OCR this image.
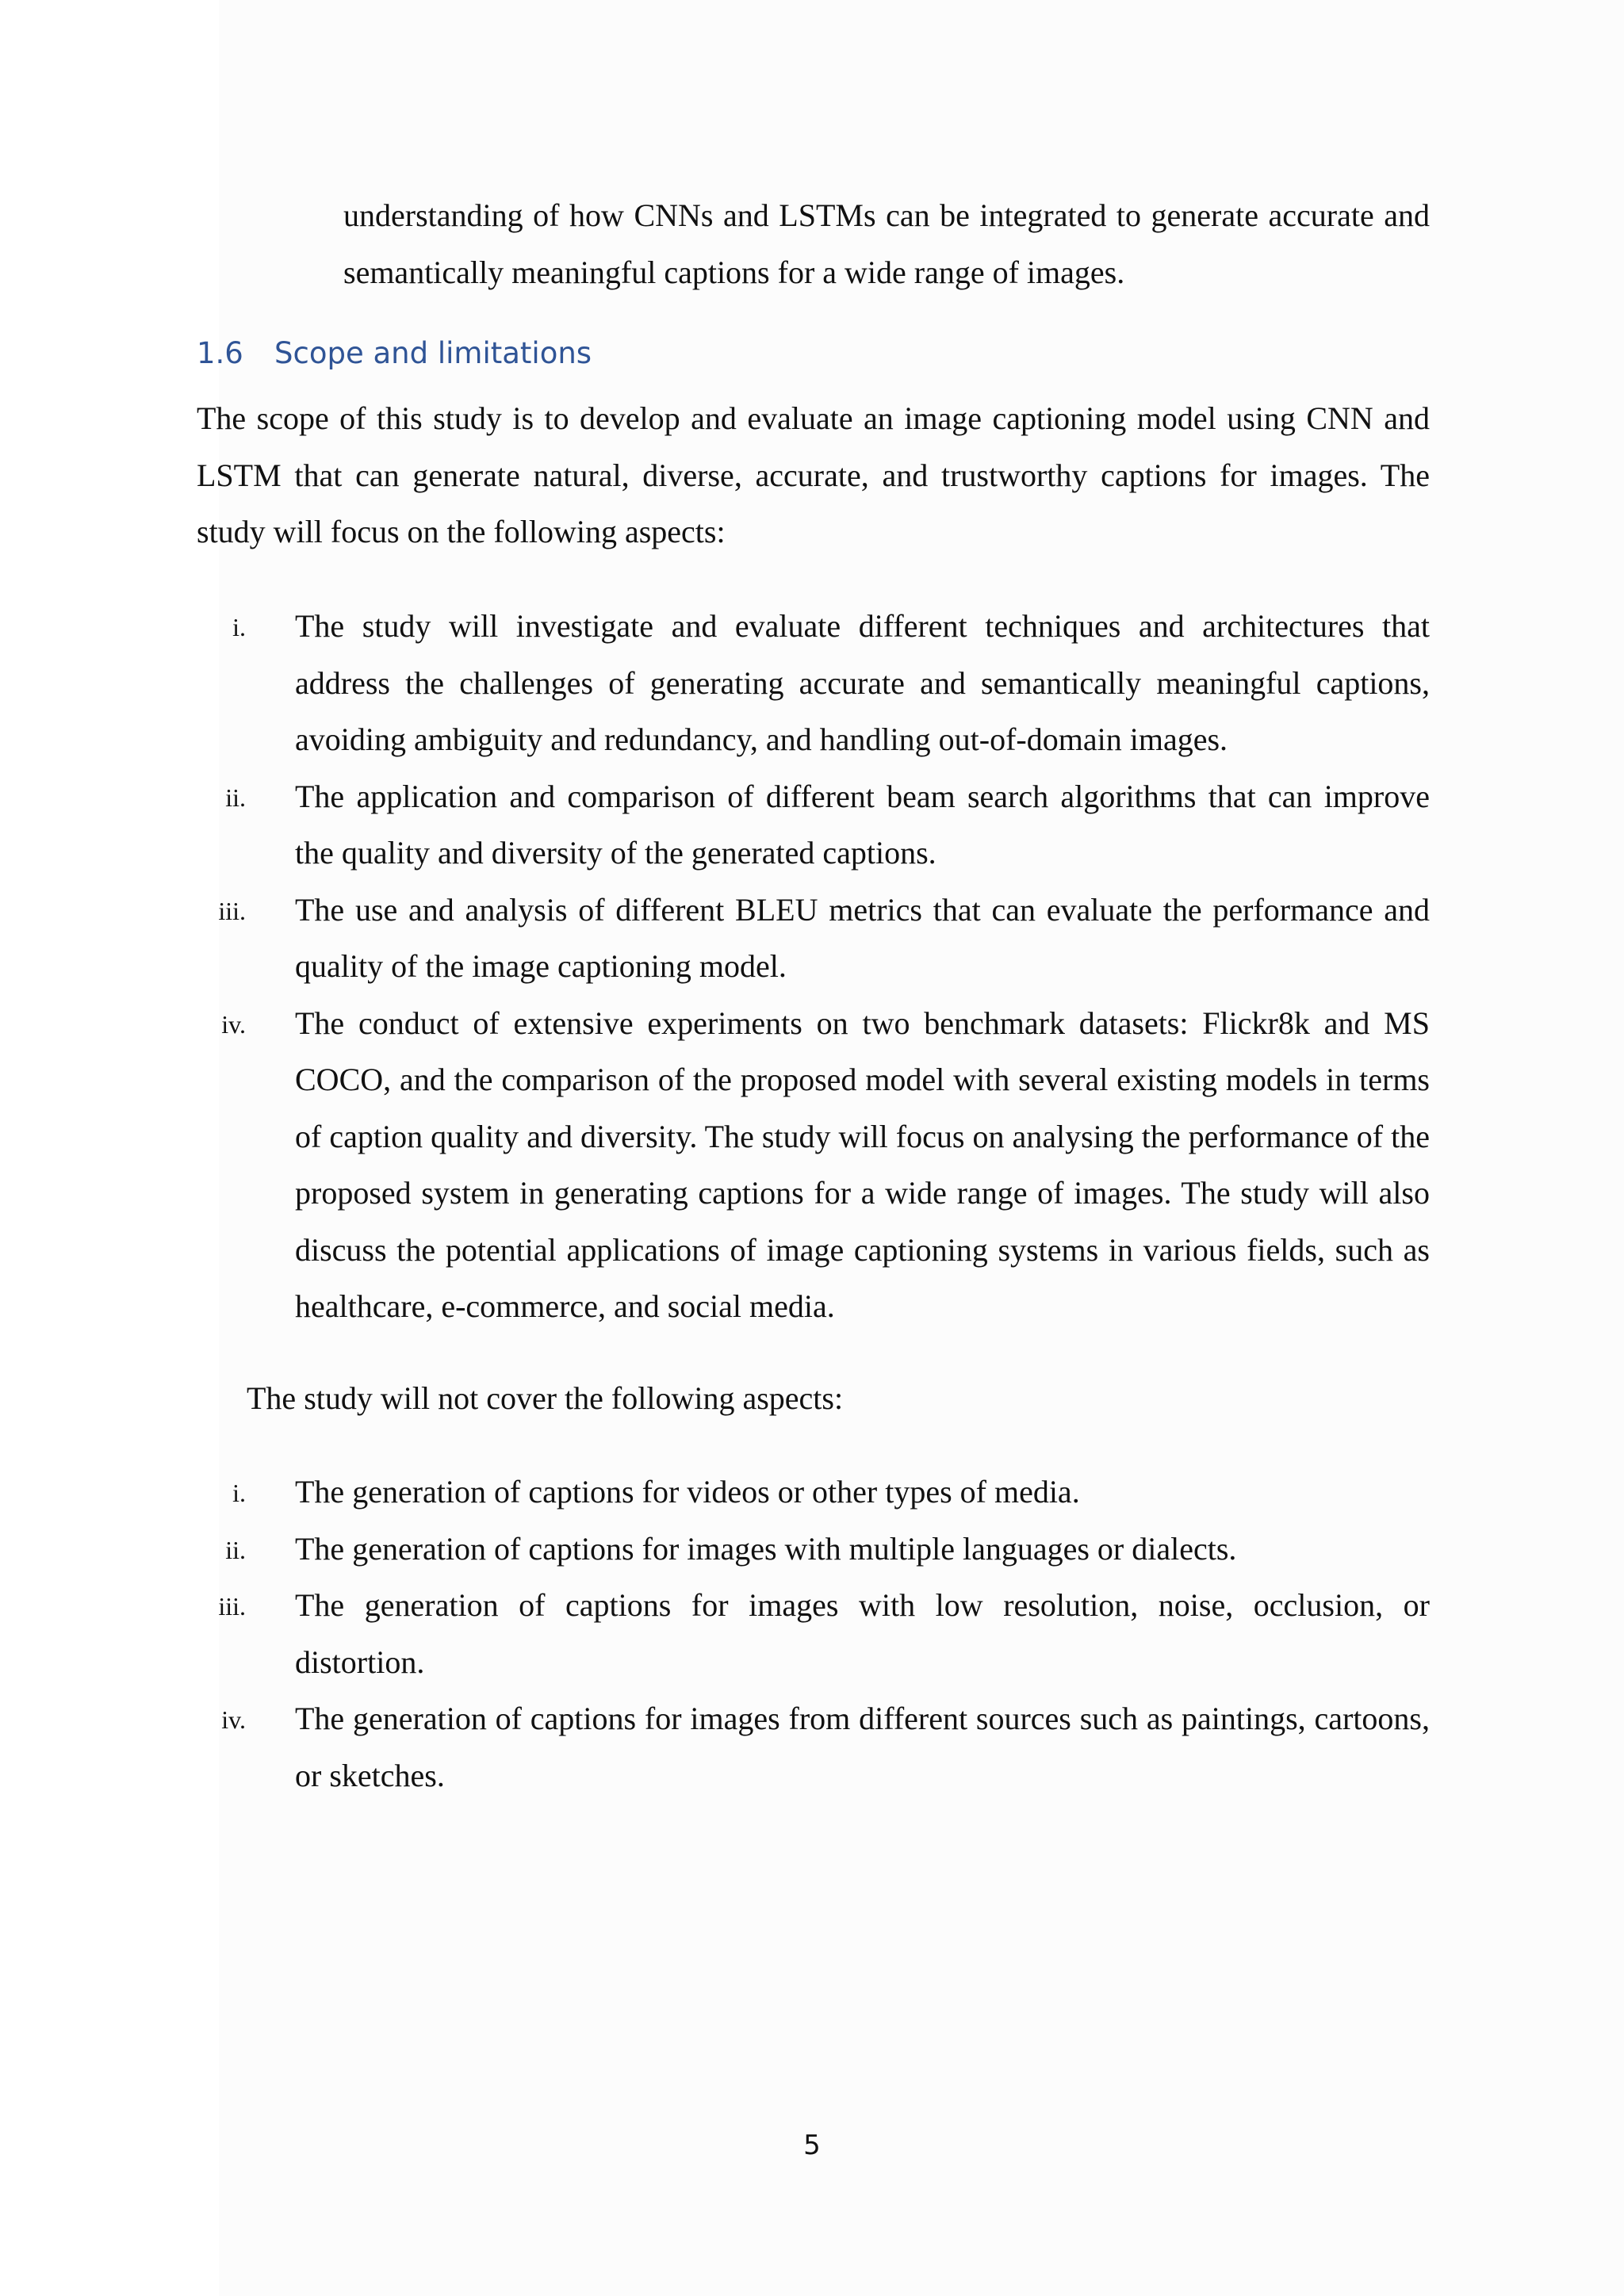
understanding of how CNNs and LSTMs can be integrated to generate accurate and semantically meaningful captions for a wide range of images.

1.6 Scope and limitations

The scope of this study is to develop and evaluate an image captioning model using CNN and LSTM that can generate natural, diverse, accurate, and trustworthy captions for images. The study will focus on the following aspects:

i. The study will investigate and evaluate different techniques and architectures that address the challenges of generating accurate and semantically meaningful captions, avoiding ambiguity and redundancy, and handling out-of-domain images.
ii. The application and comparison of different beam search algorithms that can improve the quality and diversity of the generated captions.
iii. The use and analysis of different BLEU metrics that can evaluate the performance and quality of the image captioning model.
iv. The conduct of extensive experiments on two benchmark datasets: Flickr8k and MS COCO, and the comparison of the proposed model with several existing models in terms of caption quality and diversity. The study will focus on analysing the performance of the proposed system in generating captions for a wide range of images. The study will also discuss the potential applications of image captioning systems in various fields, such as healthcare, e-commerce, and social media.

The study will not cover the following aspects:

i. The generation of captions for videos or other types of media.
ii. The generation of captions for images with multiple languages or dialects.
iii. The generation of captions for images with low resolution, noise, occlusion, or distortion.
iv. The generation of captions for images from different sources such as paintings, cartoons, or sketches.
5
